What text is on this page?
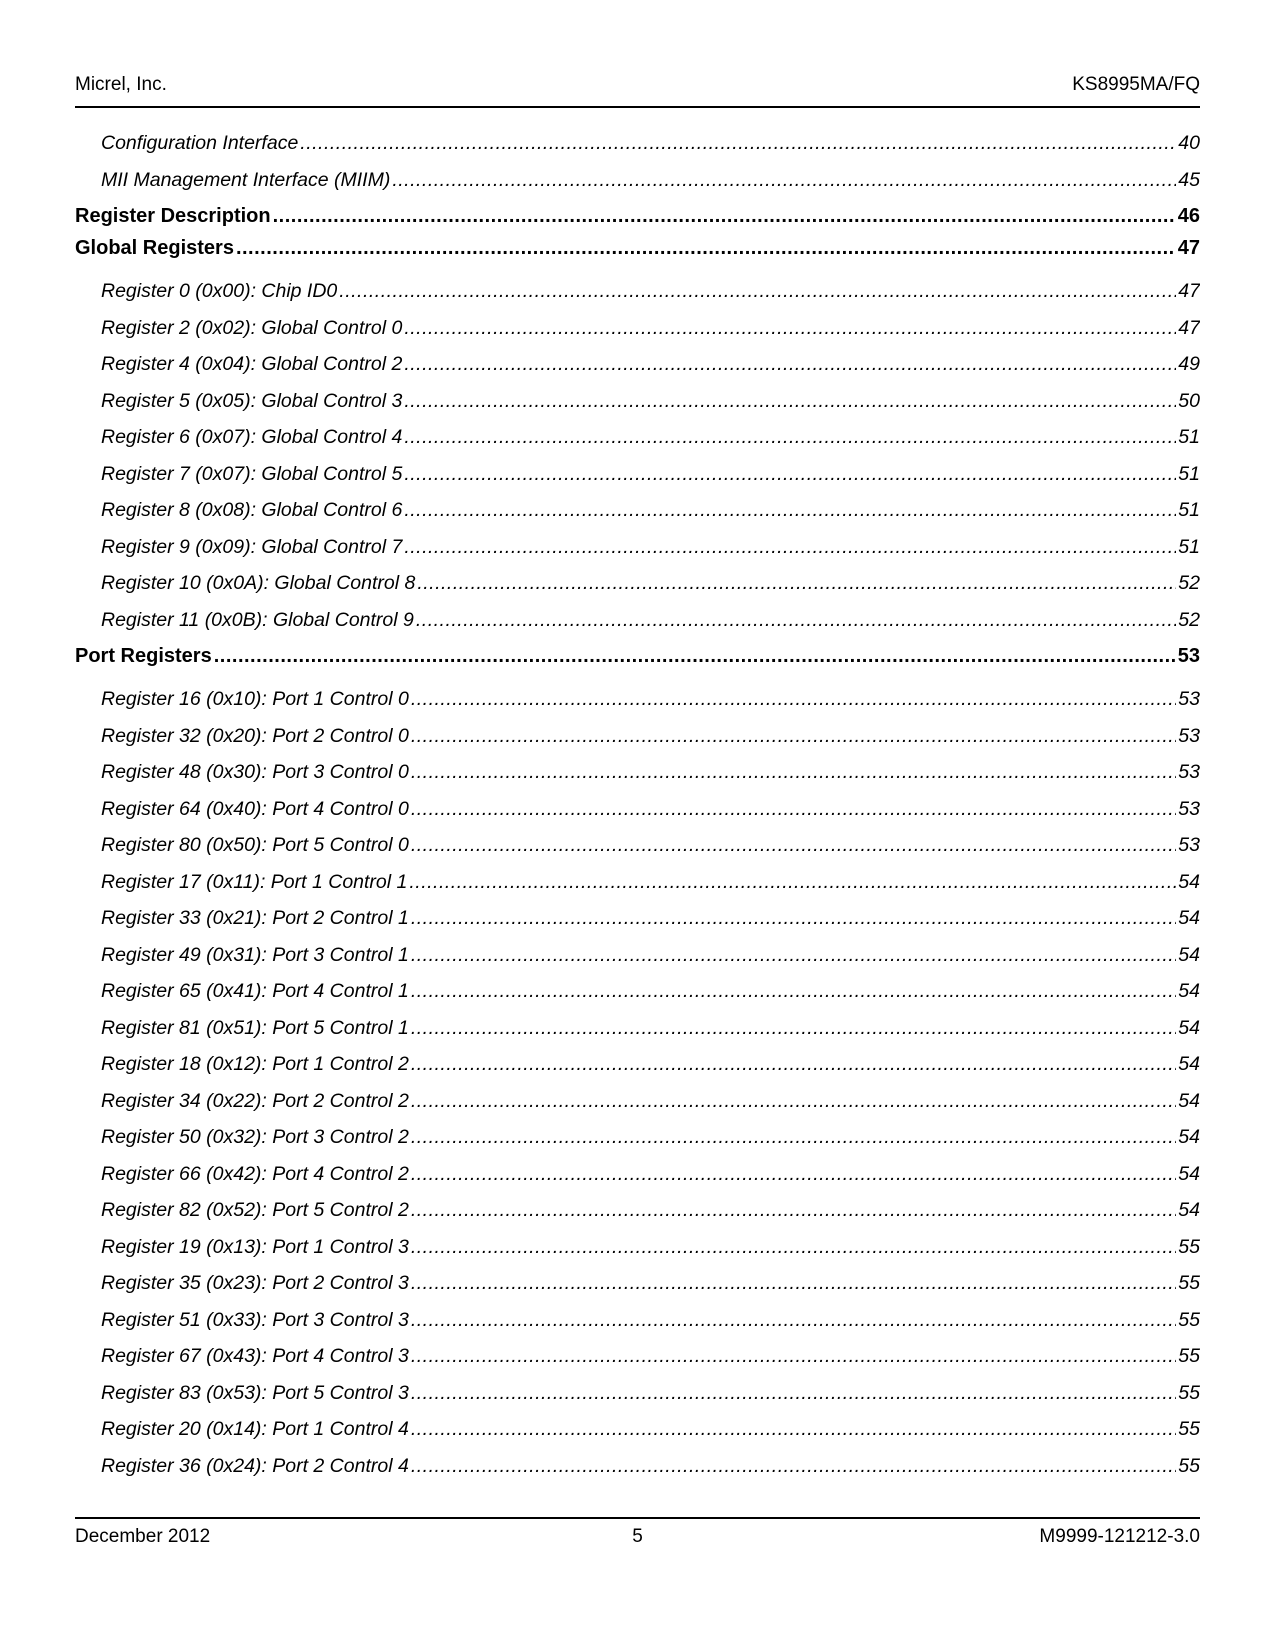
Micrel, Inc.	KS8995MA/FQ
Configuration Interface .....	40
MII Management Interface (MIIM) .....	45
Register Description .....	46
Global Registers .....	47
Register 0 (0x00): Chip ID0 .....	47
Register 2 (0x02): Global Control 0 .....	47
Register 4 (0x04): Global Control 2 .....	49
Register 5 (0x05): Global Control 3 .....	50
Register 6 (0x07): Global Control 4 .....	51
Register 7 (0x07): Global Control 5 .....	51
Register 8 (0x08): Global Control 6 .....	51
Register 9 (0x09): Global Control 7 .....	51
Register 10 (0x0A): Global Control 8 .....	52
Register 11 (0x0B): Global Control 9 .....	52
Port Registers .....	53
Register 16 (0x10): Port 1 Control 0 .....	53
Register 32 (0x20): Port 2 Control 0 .....	53
Register 48 (0x30): Port 3 Control 0 .....	53
Register 64 (0x40): Port 4 Control 0 .....	53
Register 80 (0x50): Port 5 Control 0 .....	53
Register 17 (0x11): Port 1 Control 1 .....	54
Register 33 (0x21): Port 2 Control 1 .....	54
Register 49 (0x31): Port 3 Control 1 .....	54
Register 65 (0x41): Port 4 Control 1 .....	54
Register 81 (0x51): Port 5 Control 1 .....	54
Register 18 (0x12): Port 1 Control 2 .....	54
Register 34 (0x22): Port 2 Control 2 .....	54
Register 50 (0x32): Port 3 Control 2 .....	54
Register 66 (0x42): Port 4 Control 2 .....	54
Register 82 (0x52): Port 5 Control 2 .....	54
Register 19 (0x13): Port 1 Control 3 .....	55
Register 35 (0x23): Port 2 Control 3 .....	55
Register 51 (0x33): Port 3 Control 3 .....	55
Register 67 (0x43): Port 4 Control 3 .....	55
Register 83 (0x53): Port 5 Control 3 .....	55
Register 20 (0x14): Port 1 Control 4 .....	55
Register 36 (0x24): Port 2 Control 4 .....	55
December 2012	5	M9999-121212-3.0
